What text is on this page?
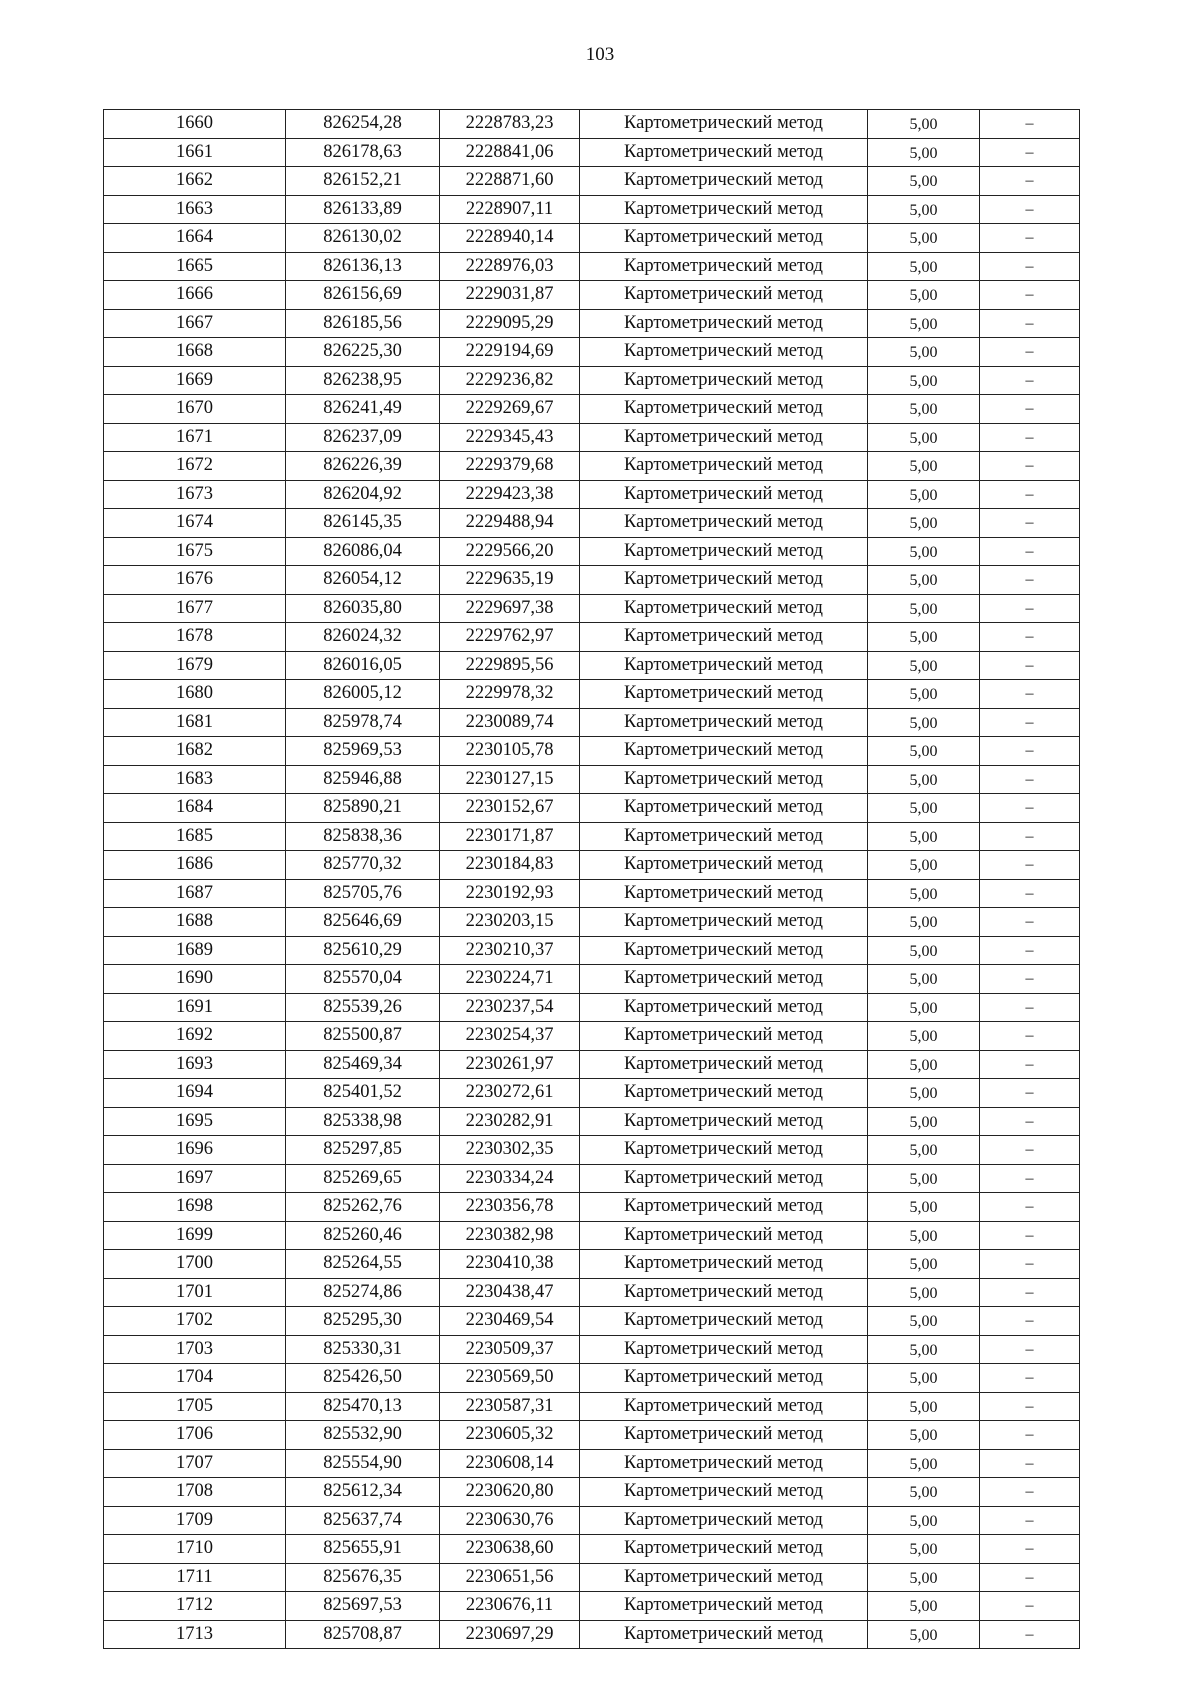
103
1660	826254,28	2228783,23	Картометрический метод	5,00	–
1661	826178,63	2228841,06	Картометрический метод	5,00	–
1662	826152,21	2228871,60	Картометрический метод	5,00	–
1663	826133,89	2228907,11	Картометрический метод	5,00	–
1664	826130,02	2228940,14	Картометрический метод	5,00	–
1665	826136,13	2228976,03	Картометрический метод	5,00	–
1666	826156,69	2229031,87	Картометрический метод	5,00	–
1667	826185,56	2229095,29	Картометрический метод	5,00	–
1668	826225,30	2229194,69	Картометрический метод	5,00	–
1669	826238,95	2229236,82	Картометрический метод	5,00	–
1670	826241,49	2229269,67	Картометрический метод	5,00	–
1671	826237,09	2229345,43	Картометрический метод	5,00	–
1672	826226,39	2229379,68	Картометрический метод	5,00	–
1673	826204,92	2229423,38	Картометрический метод	5,00	–
1674	826145,35	2229488,94	Картометрический метод	5,00	–
1675	826086,04	2229566,20	Картометрический метод	5,00	–
1676	826054,12	2229635,19	Картометрический метод	5,00	–
1677	826035,80	2229697,38	Картометрический метод	5,00	–
1678	826024,32	2229762,97	Картометрический метод	5,00	–
1679	826016,05	2229895,56	Картометрический метод	5,00	–
1680	826005,12	2229978,32	Картометрический метод	5,00	–
1681	825978,74	2230089,74	Картометрический метод	5,00	–
1682	825969,53	2230105,78	Картометрический метод	5,00	–
1683	825946,88	2230127,15	Картометрический метод	5,00	–
1684	825890,21	2230152,67	Картометрический метод	5,00	–
1685	825838,36	2230171,87	Картометрический метод	5,00	–
1686	825770,32	2230184,83	Картометрический метод	5,00	–
1687	825705,76	2230192,93	Картометрический метод	5,00	–
1688	825646,69	2230203,15	Картометрический метод	5,00	–
1689	825610,29	2230210,37	Картометрический метод	5,00	–
1690	825570,04	2230224,71	Картометрический метод	5,00	–
1691	825539,26	2230237,54	Картометрический метод	5,00	–
1692	825500,87	2230254,37	Картометрический метод	5,00	–
1693	825469,34	2230261,97	Картометрический метод	5,00	–
1694	825401,52	2230272,61	Картометрический метод	5,00	–
1695	825338,98	2230282,91	Картометрический метод	5,00	–
1696	825297,85	2230302,35	Картометрический метод	5,00	–
1697	825269,65	2230334,24	Картометрический метод	5,00	–
1698	825262,76	2230356,78	Картометрический метод	5,00	–
1699	825260,46	2230382,98	Картометрический метод	5,00	–
1700	825264,55	2230410,38	Картометрический метод	5,00	–
1701	825274,86	2230438,47	Картометрический метод	5,00	–
1702	825295,30	2230469,54	Картометрический метод	5,00	–
1703	825330,31	2230509,37	Картометрический метод	5,00	–
1704	825426,50	2230569,50	Картометрический метод	5,00	–
1705	825470,13	2230587,31	Картометрический метод	5,00	–
1706	825532,90	2230605,32	Картометрический метод	5,00	–
1707	825554,90	2230608,14	Картометрический метод	5,00	–
1708	825612,34	2230620,80	Картометрический метод	5,00	–
1709	825637,74	2230630,76	Картометрический метод	5,00	–
1710	825655,91	2230638,60	Картометрический метод	5,00	–
1711	825676,35	2230651,56	Картометрический метод	5,00	–
1712	825697,53	2230676,11	Картометрический метод	5,00	–
1713	825708,87	2230697,29	Картометрический метод	5,00	–
